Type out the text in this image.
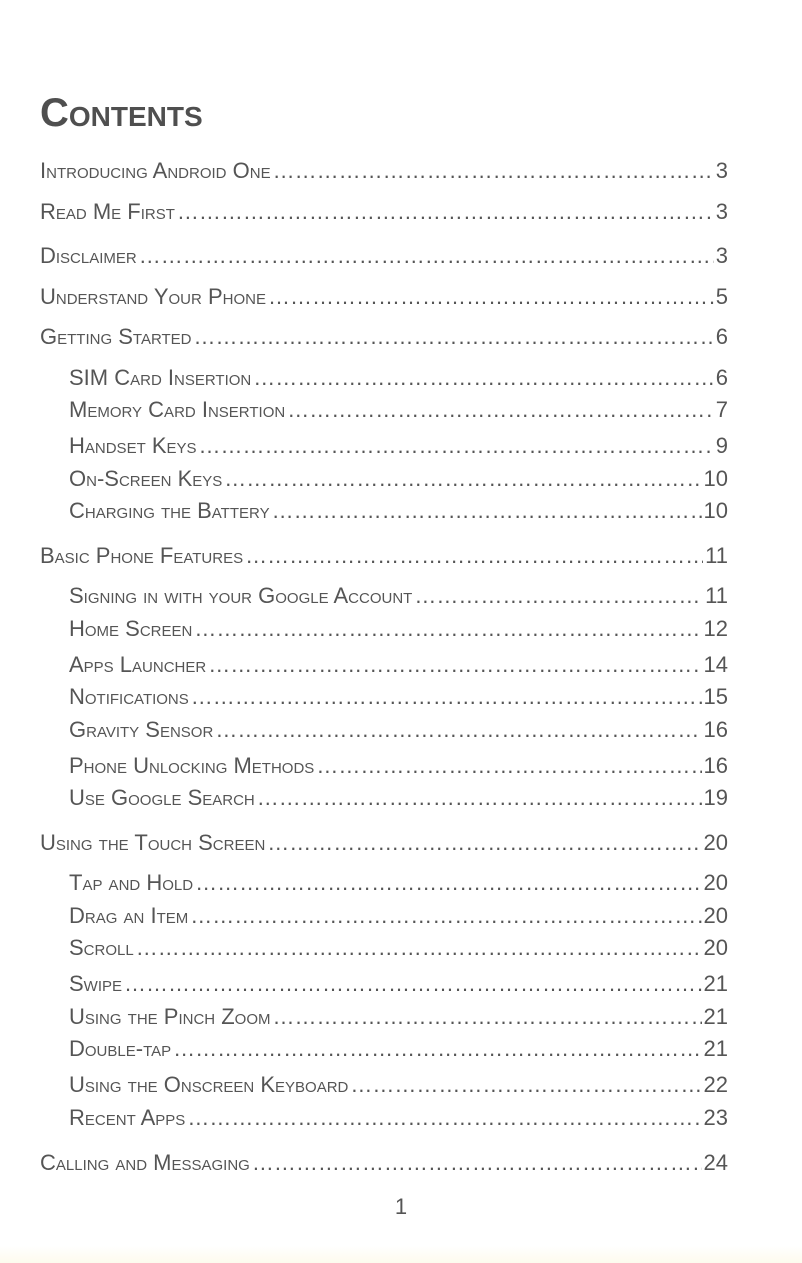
Contents
Introducing Android One …………………………………………………………………………………………………………………………………………………………………………………………………	3
Read Me First …………………………………………………………………………………………………………………………………………………………………………………………………	3
Disclaimer …………………………………………………………………………………………………………………………………………………………………………………………………	3
Understand Your Phone …………………………………………………………………………………………………………………………………………………………………………………………………	5
Getting Started …………………………………………………………………………………………………………………………………………………………………………………………………	6
SIM Card Insertion …………………………………………………………………………………………………………………………………………………………………………………………………	6
Memory Card Insertion …………………………………………………………………………………………………………………………………………………………………………………………………	7
Handset Keys …………………………………………………………………………………………………………………………………………………………………………………………………	9
On-Screen Keys …………………………………………………………………………………………………………………………………………………………………………………………………	10
Charging the Battery …………………………………………………………………………………………………………………………………………………………………………………………………	10
Basic Phone Features …………………………………………………………………………………………………………………………………………………………………………………………………	11
Signing in with your Google Account …………………………………………………………………………………………………………………………………………………………………………………………………	11
Home Screen …………………………………………………………………………………………………………………………………………………………………………………………………	12
Apps Launcher …………………………………………………………………………………………………………………………………………………………………………………………………	14
Notifications …………………………………………………………………………………………………………………………………………………………………………………………………	15
Gravity Sensor …………………………………………………………………………………………………………………………………………………………………………………………………	16
Phone Unlocking Methods …………………………………………………………………………………………………………………………………………………………………………………………………	16
Use Google Search …………………………………………………………………………………………………………………………………………………………………………………………………	19
Using the Touch Screen …………………………………………………………………………………………………………………………………………………………………………………………………	20
Tap and Hold …………………………………………………………………………………………………………………………………………………………………………………………………	20
Drag an Item …………………………………………………………………………………………………………………………………………………………………………………………………	20
Scroll …………………………………………………………………………………………………………………………………………………………………………………………………	20
Swipe …………………………………………………………………………………………………………………………………………………………………………………………………	21
Using the Pinch Zoom …………………………………………………………………………………………………………………………………………………………………………………………………	21
Double-tap …………………………………………………………………………………………………………………………………………………………………………………………………	21
Using the Onscreen Keyboard …………………………………………………………………………………………………………………………………………………………………………………………………	22
Recent Apps …………………………………………………………………………………………………………………………………………………………………………………………………	23
Calling and Messaging …………………………………………………………………………………………………………………………………………………………………………………………………	24
1
